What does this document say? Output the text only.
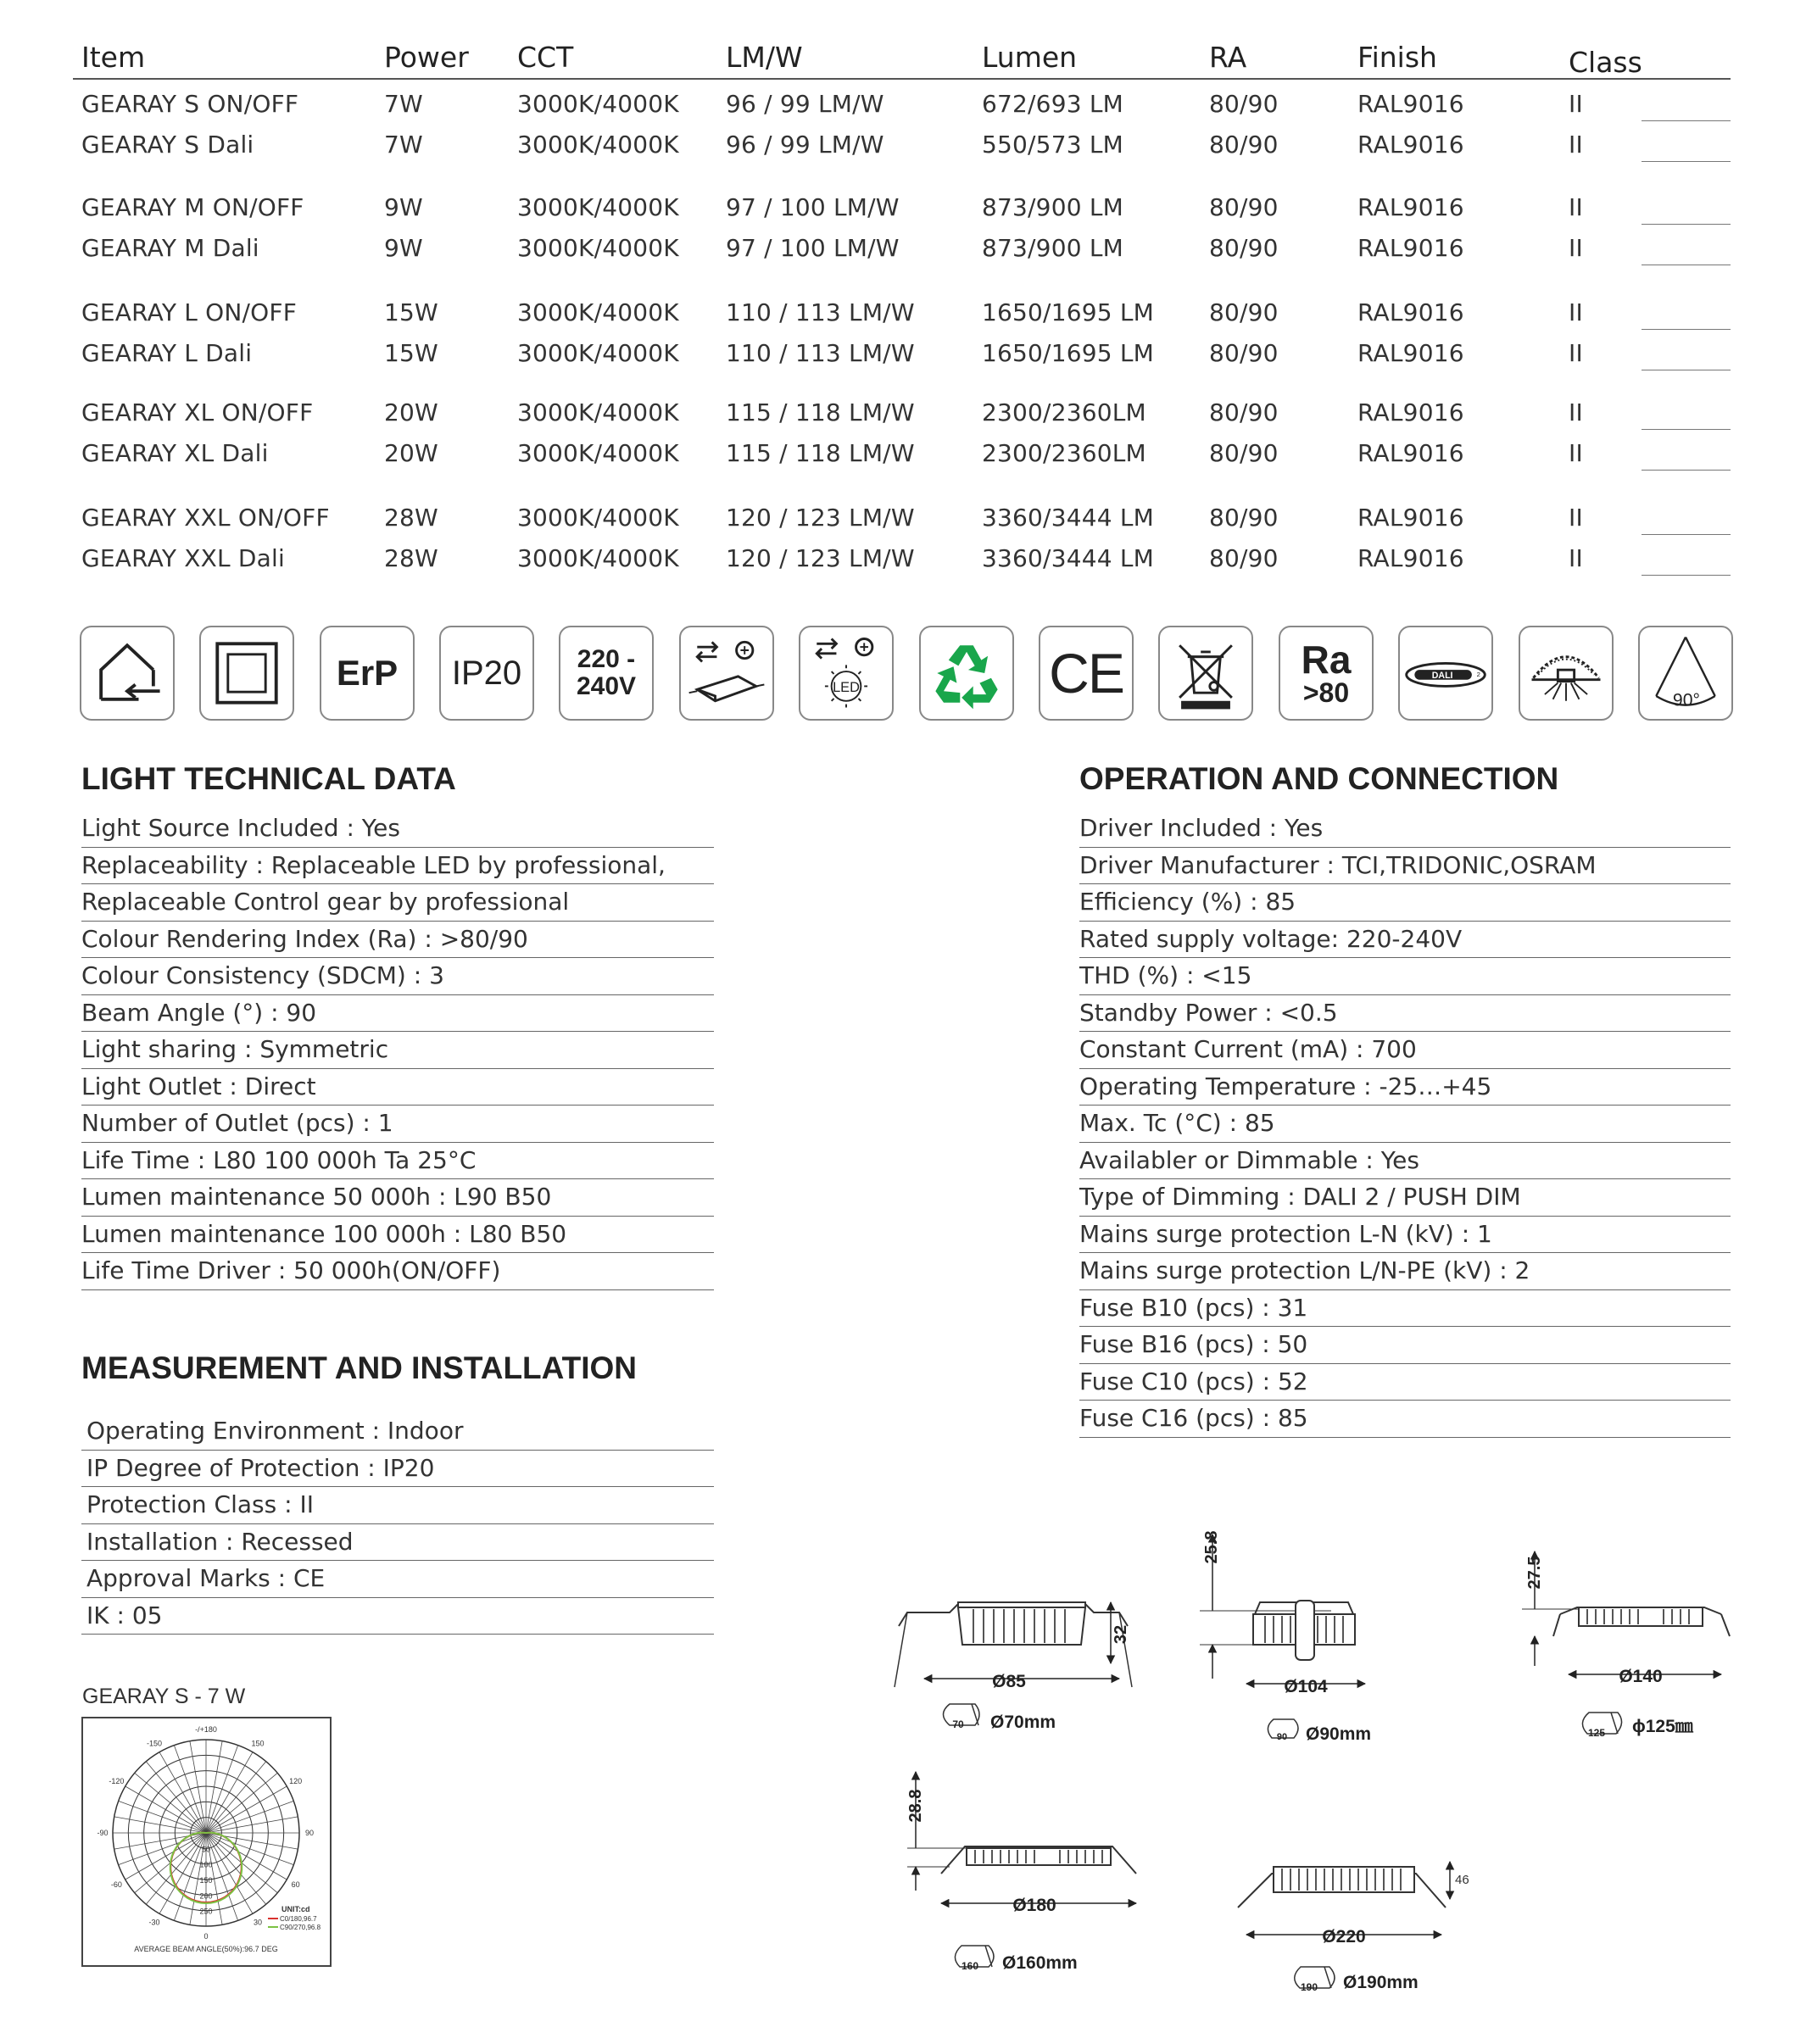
Item	Power CCT	LM/W	Lumen	RA	Finish	Class
GEARAY S ON/OFF	7W	3000K/4000K 96 / 99 LM/W	672/693 LM	80/90	RAL9016	II
GEARAY S Dali	7W	3000K/4000K 96 / 99 LM/W	550/573 LM	80/90	RAL9016	II
GEARAY M ON/OFF	9W	3000K/4000K 97 / 100 LM/W	873/900 LM	80/90	RAL9016	II
GEARAY M Dali	9W	3000K/4000K 97 / 100 LM/W	873/900 LM	80/90	RAL9016	II
GEARAY L ON/OFF	15W	3000K/4000K 110 / 113 LM/W	1650/1695 LM 80/90	RAL9016	II
GEARAY L Dali	15W	3000K/4000K 110 / 113 LM/W	1650/1695 LM 80/90	RAL9016	II
GEARAY XL ON/OFF	20W	3000K/4000K 115 / 118 LM/W	2300/2360LM	80/90	RAL9016	II
GEARAY XL Dali	20W	3000K/4000K 115 / 118 LM/W	2300/2360LM	80/90	RAL9016	II
GEARAY XXL ON/OFF 28W	3000K/4000K 120 / 123 LM/W	3360/3444 LM 80/90	RAL9016	II
GEARAY XXL Dali	28W	3000K/4000K 120 / 123 LM/W	3360/3444 LM 80/90	RAL9016	II
ErP IP20 220 -
240V	LED	CE	Ra
>80
DALI	2
90°
LIGHT TECHNICAL DATA
Light Source Included : Yes
Replaceability : Replaceable LED by professional,
Replaceable Control gear by professional
Colour Rendering Index (Ra) : >80/90
Colour Consistency (SDCM) : 3
Beam Angle (°) : 90
Light sharing : Symmetric
Light Outlet : Direct
Number of Outlet (pcs) : 1
Life Time : L80 100 000h Ta 25°C
Lumen maintenance 50 000h : L90 B50
Lumen maintenance 100 000h : L80 B50
Life Time Driver : 50 000h(ON/OFF)
OPERATION AND CONNECTION
Driver Included : Yes
Driver Manufacturer : TCI,TRIDONIC,OSRAM
Efficiency (%) : 85
Rated supply voltage: 220-240V
THD (%) : <15
Standby Power : <0.5
Constant Current (mA) : 700
Operating Temperature : -25…+45
Max. Tc (°C) : 85
Availabler or Dimmable : Yes
Type of Dimming : DALI 2 / PUSH DIM
Mains surge protection L-N (kV) : 1
Mains surge protection L/N-PE (kV) : 2
Fuse B10 (pcs) : 31
Fuse B16 (pcs) : 50
Fuse C10 (pcs) : 52
Fuse C16 (pcs) : 85
MEASUREMENT AND INSTALLATION
Operating Environment : Indoor
IP Degree of Protection : IP20
Protection Class : II
Installation : Recessed
Approval Marks : CE
IK : 05
GEARAY S - 7 W
-/+180
-150	150
-120	120
-90	90
-60	60
-30	30
0
50
100
150
200
250	UNIT:cd
C0/180,96.7
C90/270,96.8
AVERAGE BEAM ANGLE(50%):96.7 DEG
32
Ø85
70 Ø70mm
25.8
Ø104
90 Ø90mm
27.5
Ø140
125 ϕ125㎜
28.8
Ø180
160 Ø160mm
46
Ø220
190 Ø190mm
